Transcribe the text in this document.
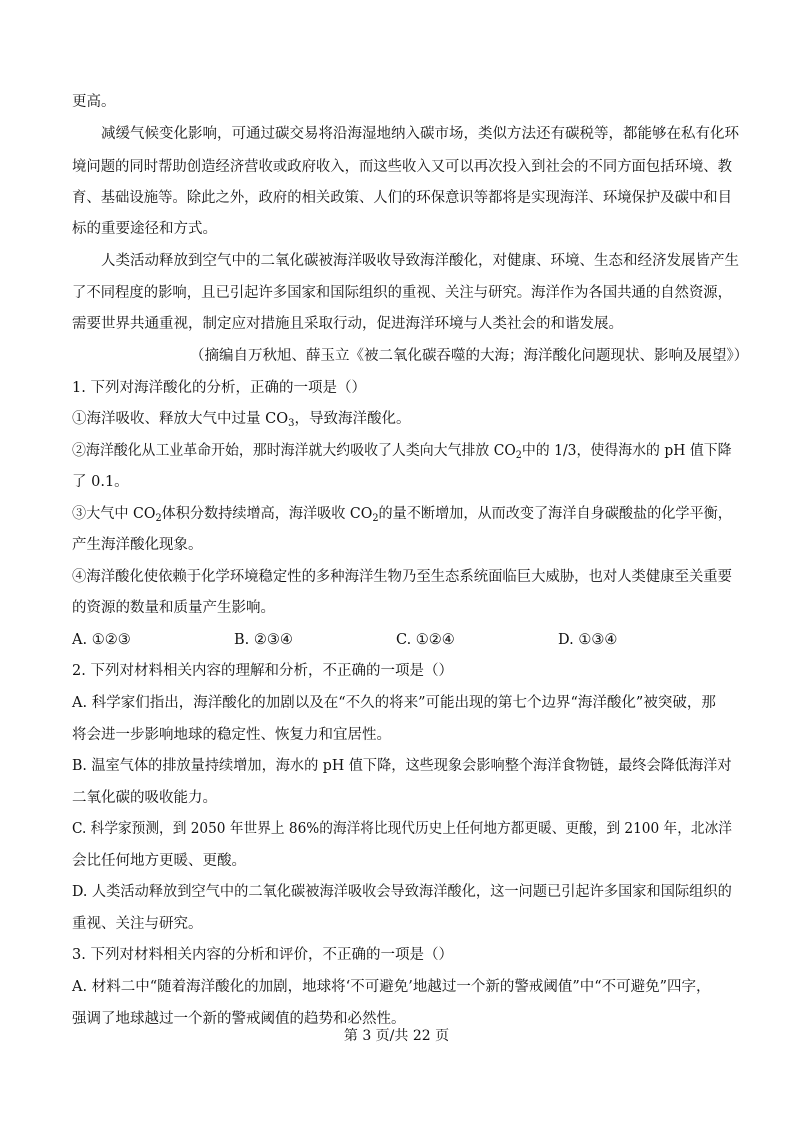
更高。
减缓气候变化影响，可通过碳交易将沿海湿地纳入碳市场，类似方法还有碳税等，都能够在私有化环
境问题的同时帮助创造经济营收或政府收入，而这些收入又可以再次投入到社会的不同方面包括环境、教
育、基础设施等。除此之外，政府的相关政策、人们的环保意识等都将是实现海洋、环境保护及碳中和目
标的重要途径和方式。
人类活动释放到空气中的二氧化碳被海洋吸收导致海洋酸化，对健康、环境、生态和经济发展皆产生
了不同程度的影响，且已引起许多国家和国际组织的重视、关注与研究。海洋作为各国共通的自然资源，
需要世界共通重视，制定应对措施且采取行动，促进海洋环境与人类社会的和谐发展。
（摘编自万秋旭、薛玉立《被二氧化碳吞噬的大海；海洋酸化问题现状、影响及展望》）
1. 下列对海洋酸化的分析，正确的一项是（）
①海洋吸收、释放大气中过量 $CO_3$，导致海洋酸化。
②海洋酸化从工业革命开始，那时海洋就大约吸收了人类向大气排放 $CO_2$中的 1/3，使得海水的 pH 值下降
了 0.1。
③大气中 $CO_2$体积分数持续增高，海洋吸收 $CO_2$的量不断增加，从而改变了海洋自身碳酸盐的化学平衡，
产生海洋酸化现象。
④海洋酸化使依赖于化学环境稳定性的多种海洋生物乃至生态系统面临巨大威胁，也对人类健康至关重要
的资源的数量和质量产生影响。
A. ①②③	B. ②③④	C. ①②④	D. ①③④
2. 下列对材料相关内容的理解和分析，不正确的一项是（）
A. 科学家们指出，海洋酸化的加剧以及在“不久的将来”可能出现的第七个边界“海洋酸化”被突破，那
将会进一步影响地球的稳定性、恢复力和宜居性。
B. 温室气体的排放量持续增加，海水的 pH 值下降，这些现象会影响整个海洋食物链，最终会降低海洋对
二氧化碳的吸收能力。
C. 科学家预测，到 2050 年世界上 86%的海洋将比现代历史上任何地方都更暖、更酸，到 2100 年，北冰洋
会比任何地方更暖、更酸。
D. 人类活动释放到空气中的二氧化碳被海洋吸收会导致海洋酸化，这一问题已引起许多国家和国际组织的
重视、关注与研究。
3. 下列对材料相关内容的分析和评价，不正确的一项是（）
A. 材料二中“随着海洋酸化的加剧，地球将‘不可避免’地越过一个新的警戒阈值”中“不可避免”四字，
强调了地球越过一个新的警戒阈值的趋势和必然性。
第 3 页/共 22 页
